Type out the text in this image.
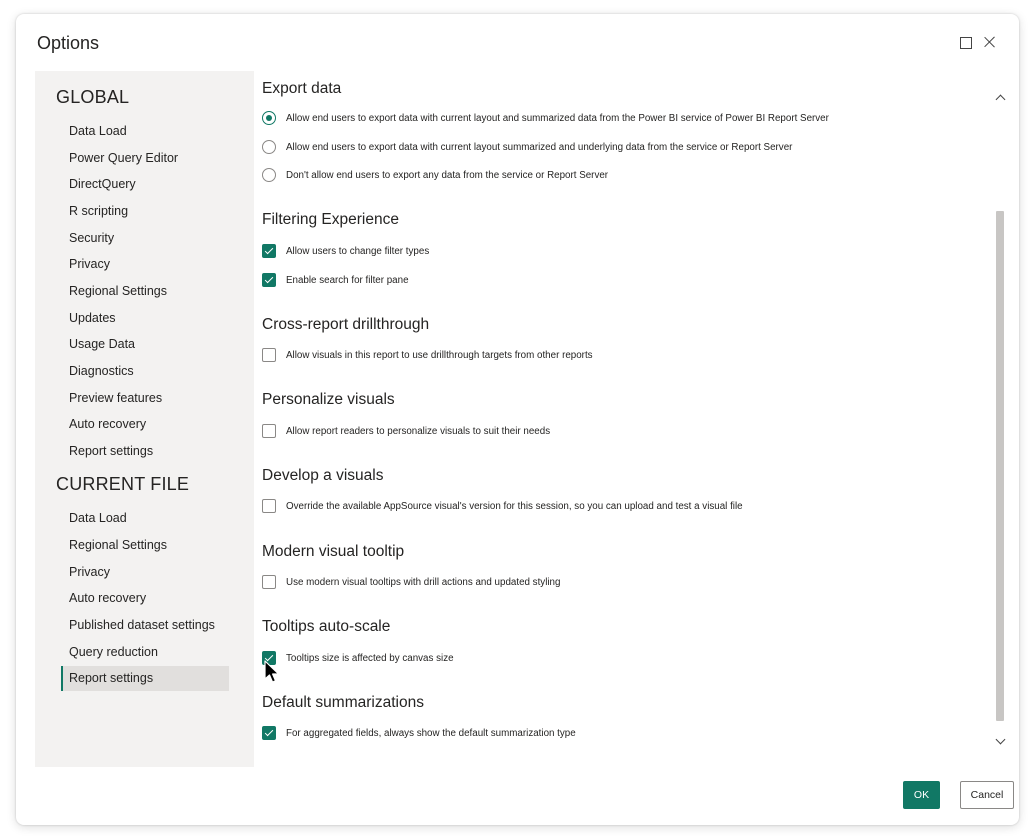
Options
GLOBAL
Data Load
Power Query Editor
DirectQuery
R scripting
Security
Privacy
Regional Settings
Updates
Usage Data
Diagnostics
Preview features
Auto recovery
Report settings
CURRENT FILE
Data Load
Regional Settings
Privacy
Auto recovery
Published dataset settings
Query reduction
Report settings
Export data
Allow end users to export data with current layout and summarized data from the Power BI service of Power BI Report Server
Allow end users to export data with current layout summarized and underlying data from the service or Report Server
Don't allow end users to export any data from the service or Report Server
Filtering Experience
Allow users to change filter types
Enable search for filter pane
Cross-report drillthrough
Allow visuals in this report to use drillthrough targets from other reports
Personalize visuals
Allow report readers to personalize visuals to suit their needs
Develop a visuals
Override the available AppSource visual's version for this session, so you can upload and test a visual file
Modern visual tooltip
Use modern visual tooltips with drill actions and updated styling
Tooltips auto-scale
Tooltips size is affected by canvas size
Default summarizations
For aggregated fields, always show the default summarization type
OK	Cancel
